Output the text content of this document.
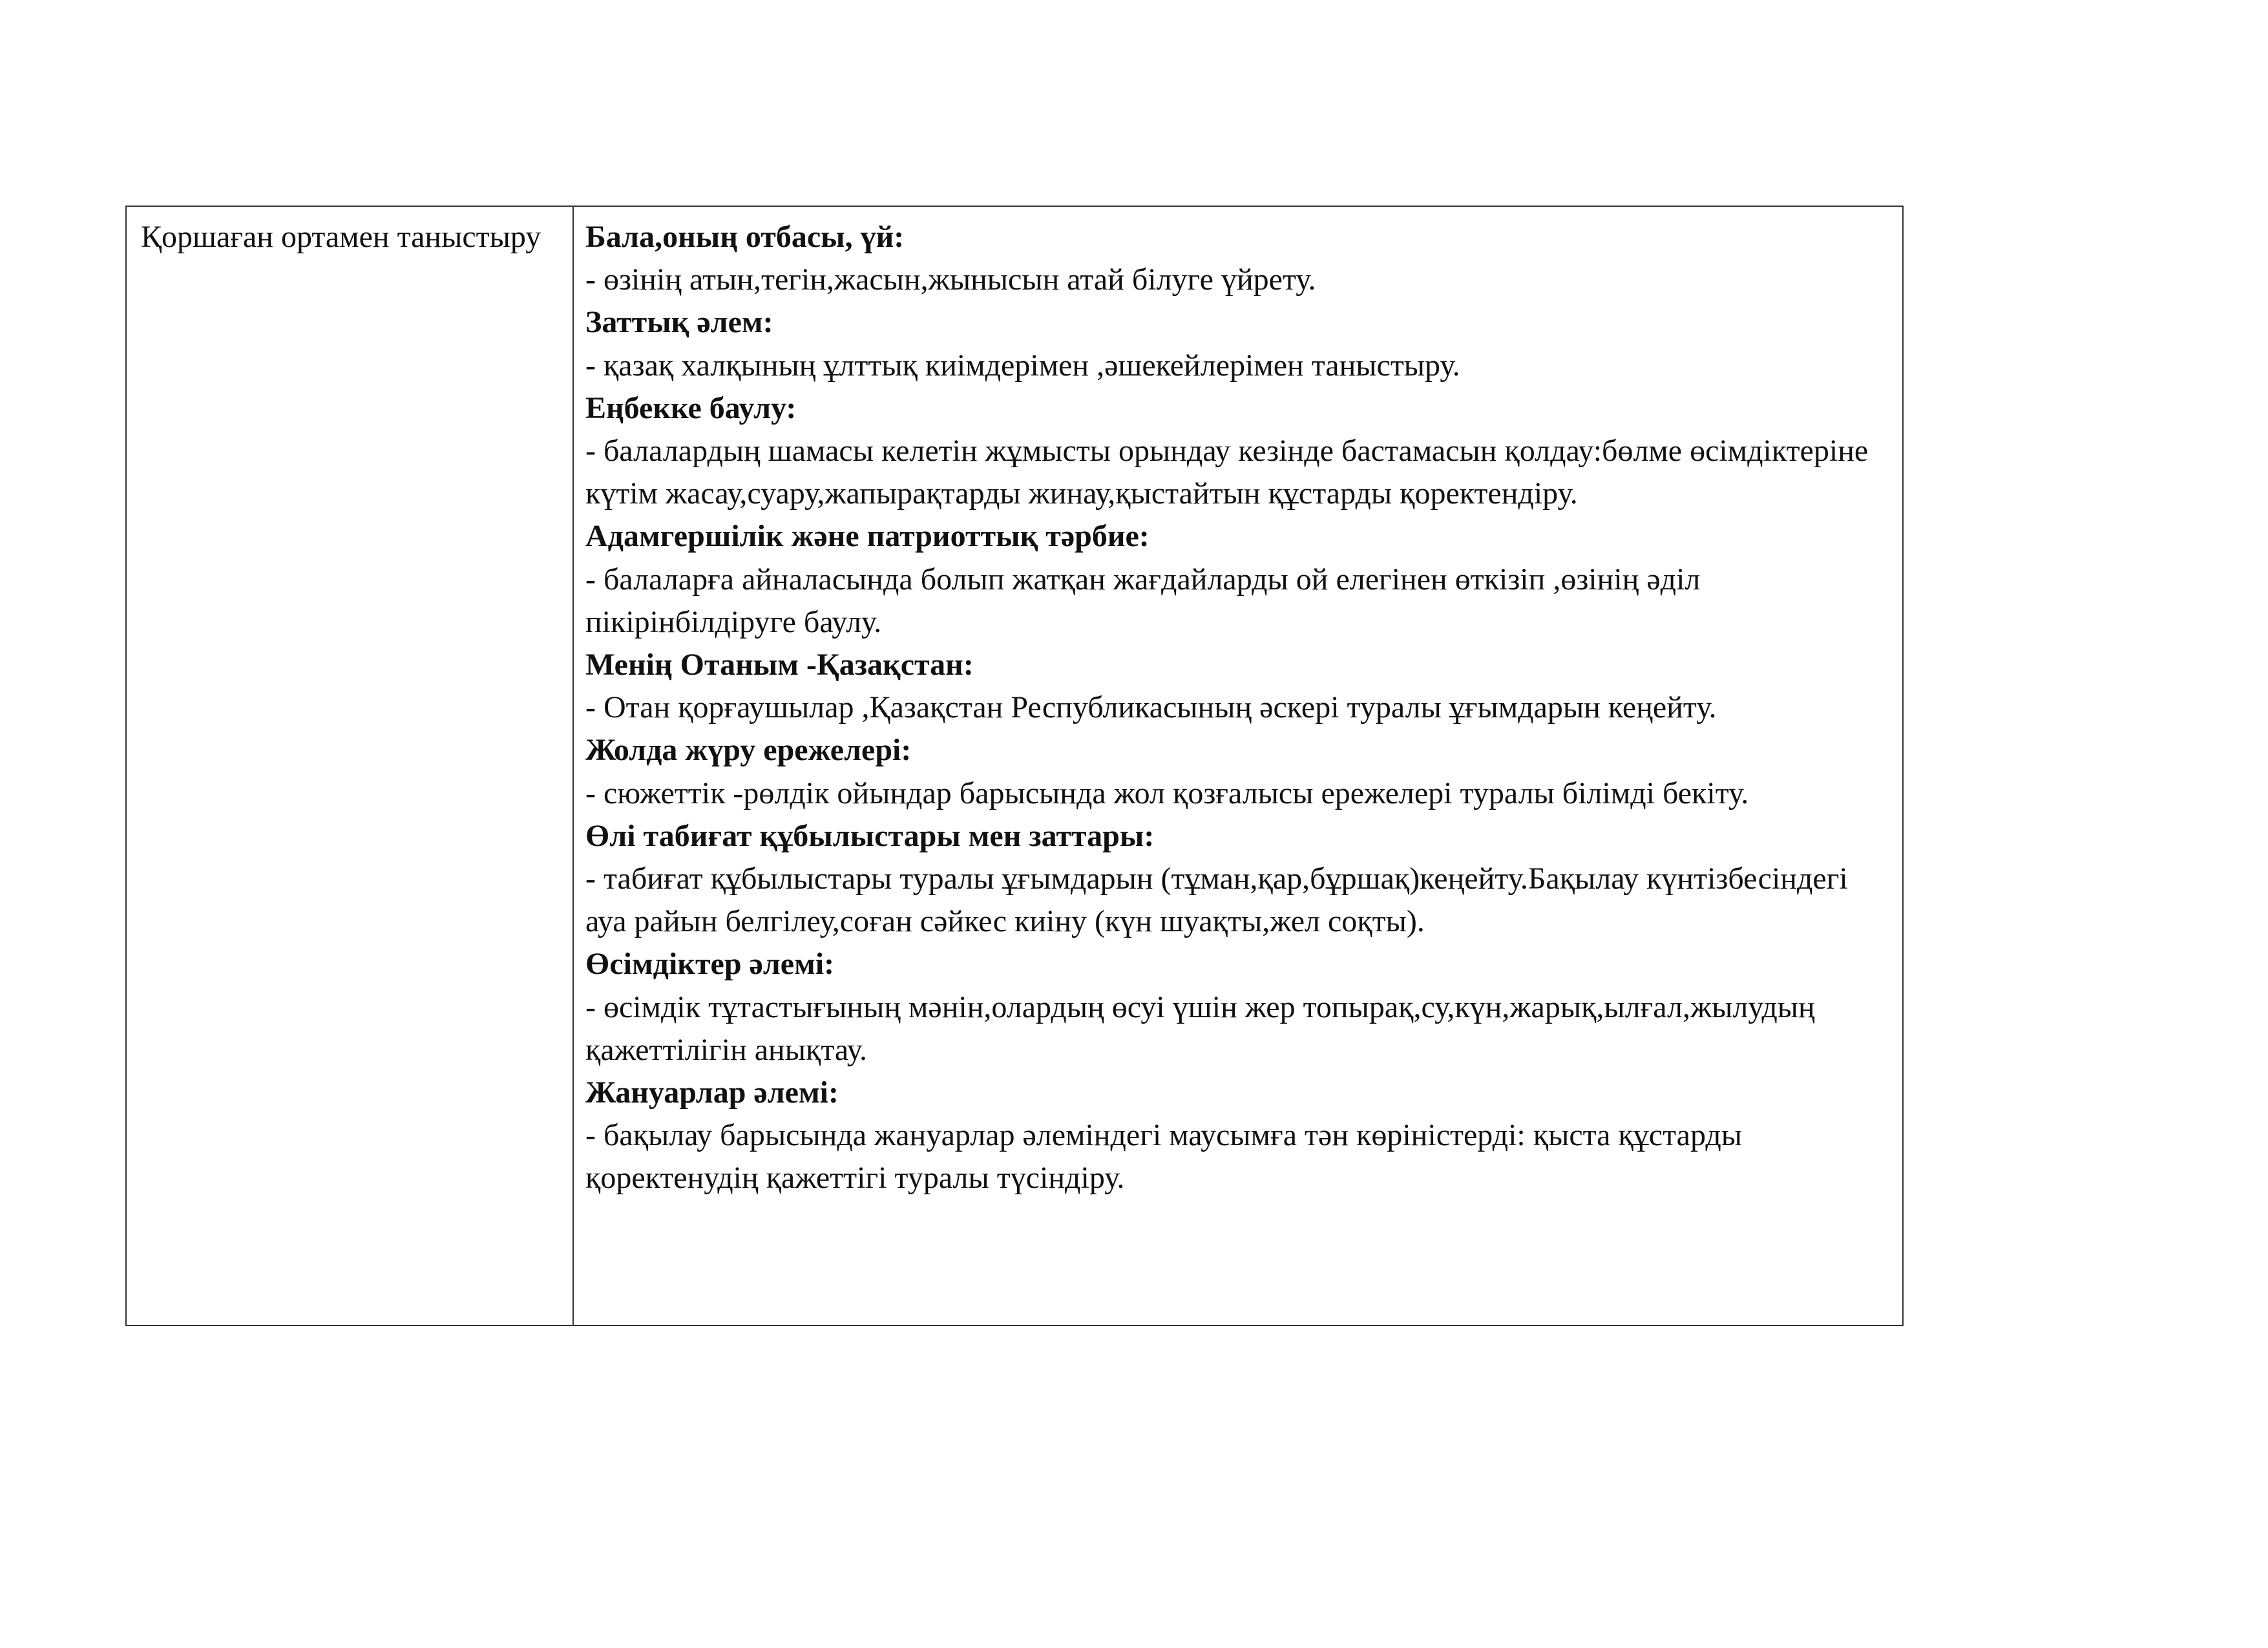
Қоршаған ортамен таныстыру	Бала,оның отбасы, үй:
- өзінің атын,тегін,жасын,жынысын атай білуге үйрету.
Заттық әлем:
- қазақ халқының ұлттық киімдерімен ,әшекейлерімен таныстыру.
Еңбекке баулу:
- балалардың шамасы келетін жұмысты орындау кезінде бастамасын қолдау:бөлме өсімдіктеріне күтім жасау,суару,жапырақтарды жинау,қыстайтын құстарды қоректендіру.
Адамгершілік және патриоттық тәрбие:
- балаларға айналасында болып жатқан жағдайларды ой елегінен өткізіп ,өзінің әділ пікірінбілдіруге баулу.
Менің Отаным -Қазақстан:
- Отан қорғаушылар ,Қазақстан Республикасының әскері туралы ұғымдарын кеңейту.
Жолда жүру ережелері:
- сюжеттік -рөлдік ойындар барысында жол қозғалысы ережелері туралы білімді бекіту.
Өлі табиғат құбылыстары мен заттары:
- табиғат құбылыстары туралы ұғымдарын (тұман,қар,бұршақ)кеңейту.Бақылау күнтізбесіндегі ауа райын белгілеу,соған сәйкес киіну (күн шуақты,жел соқты).
Өсімдіктер әлемі:
- өсімдік тұтастығының мәнін,олардың өсуі үшін жер топырақ,су,күн,жарық,ылғал,жылудың қажеттілігін анықтау.
Жануарлар әлемі:
- бақылау барысында жануарлар әлеміндегі маусымға тән көріністерді: қыста құстарды қоректенудің қажеттігі туралы түсіндіру.
